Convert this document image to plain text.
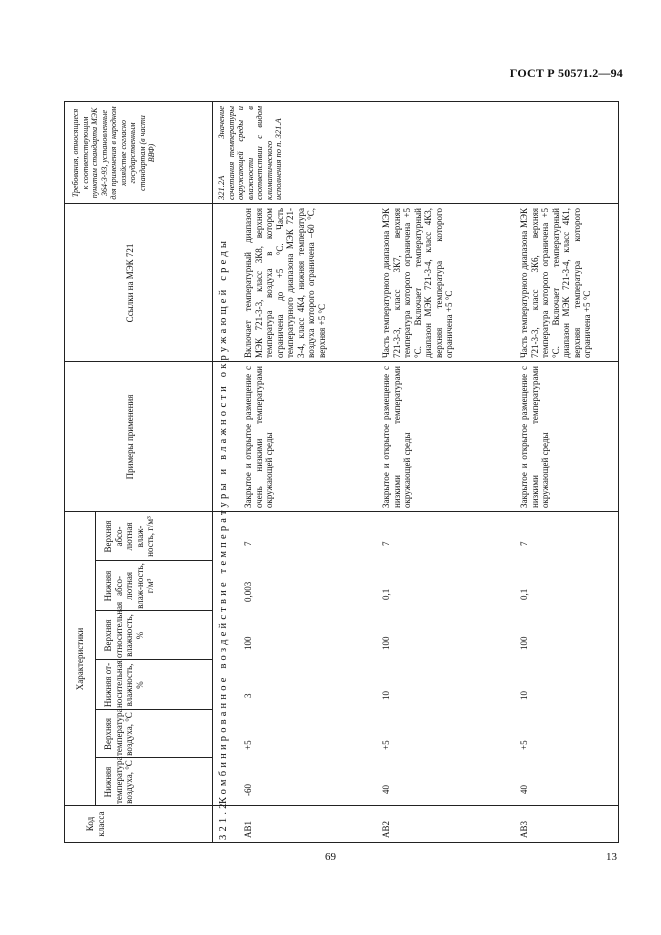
ГОСТ Р 50571.2—94
Код класса
Характеристики
Нижняя температура воздуха, °С
Верхняя температура воздуха, °С
Нижняя от-носительная влажность, %
Верхняя относительная влажность, %
Нижняя абсо-лютная влаж-ность, г/м³
Верхняя абсо-лютная влаж-ность, г/м³
Примеры применения
Ссылки на МЭК 721
Требования, относящиеся к соответствующим пунктам стандарта МЭК 364-3-93, установленные для применения в народном хозяйстве согласно государственным стандартам (в части ВВФ)
321.2
Комбинированное воздействие температуры и влажности окружающей среды
321.2А Значение сочетания температуры окружающей среды и влажности в соответствии с видом климатического исполнения по п. 321.А
АВ1
-60
+5
3
100
0,003
7
Закрытое и открытое размещение с очень низкими температурами окружающей среды
Включает температурный диапазон МЭК 721-3-3, класс 3К8, верхняя температура воздуха в котором ограничена до +5 °С. Часть температурного диапазона МЭК 721-3-4, класс 4К4, нижняя температура воздуха которого ограничена –60 °С, верхняя +5 °С
АВ2
40
+5
10
100
0,1
7
Закрытое и открытое размещение с низкими температурами окружающей среды
Часть температурного диапазона МЭК 721-3-3, класс 3К7, верхняя температура которого ограничена +5 °С. Включает температурный диапазон МЭК 721-3-4, класс 4К3, верхняя температура которого ограничена +5 °С
АВ3
40
+5
10
100
0,1
7
Закрытое и открытое размещение с низкими температурами окружающей среды
Часть температурного диапазона МЭК 721-3-3, класс 3К6, верхняя температура которого ограничена +5 °С. Включает температурный диапазон МЭК 721-3-4, класс 4К1, верхняя температура которого ограничена +5 °С
69	13
